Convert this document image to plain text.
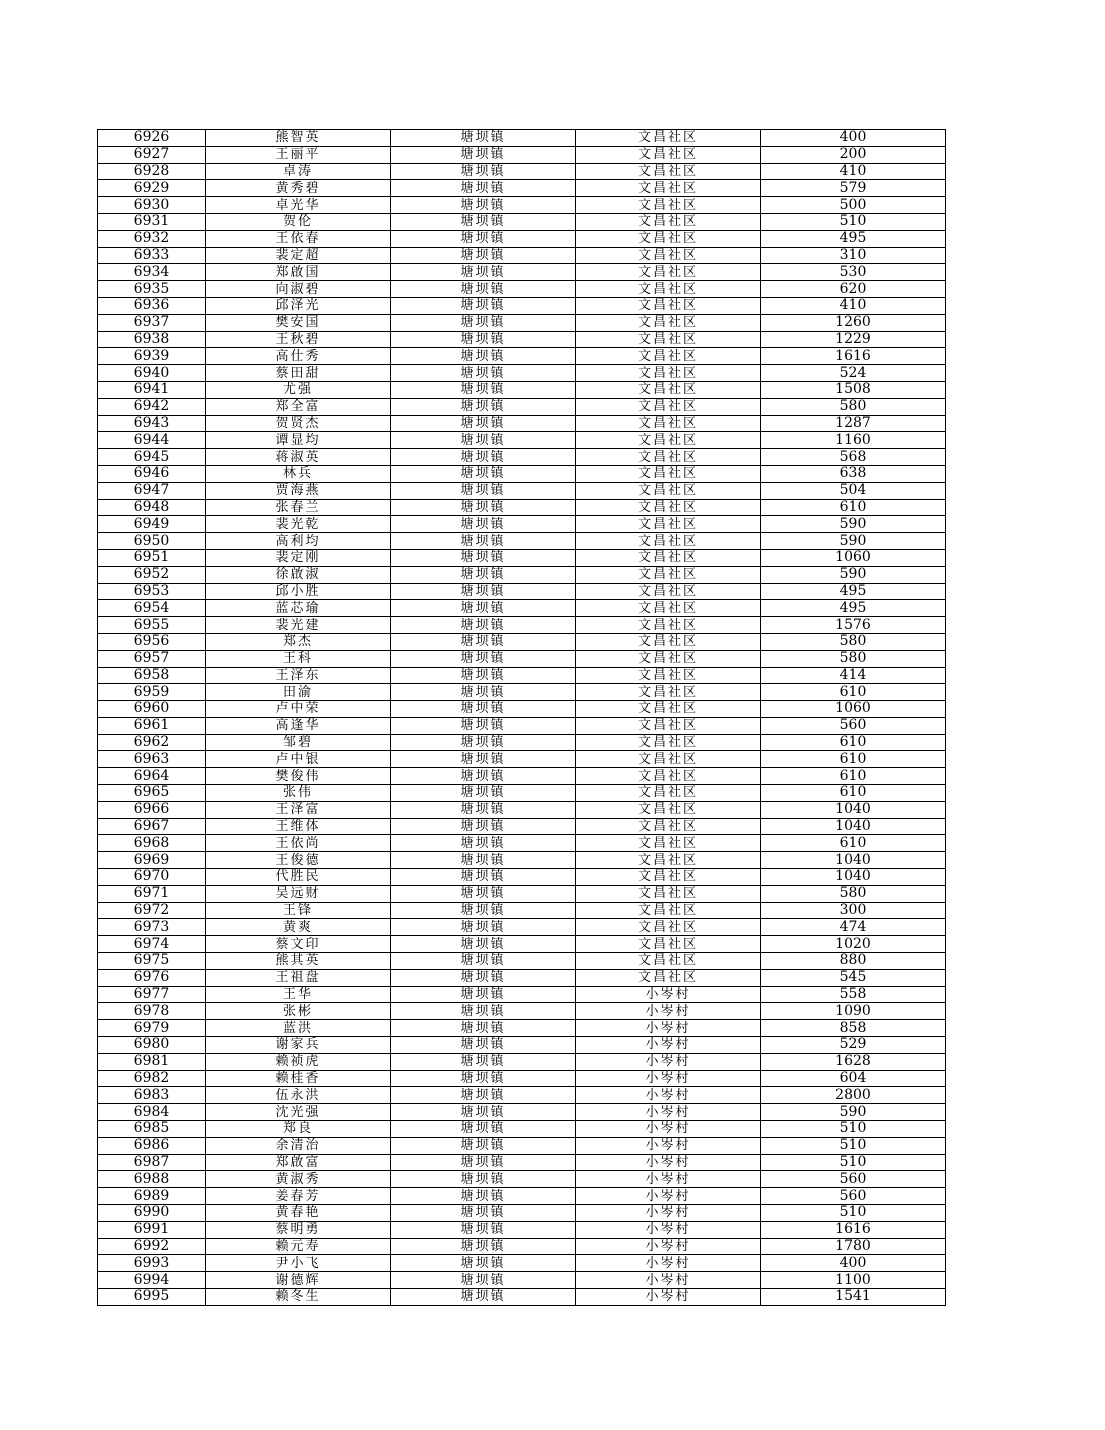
6926	熊智英	塘坝镇	文昌社区	400
6927	王丽平	塘坝镇	文昌社区	200
6928	卓涛	塘坝镇	文昌社区	410
6929	黄秀碧	塘坝镇	文昌社区	579
6930	卓光华	塘坝镇	文昌社区	500
6931	贺伦	塘坝镇	文昌社区	510
6932	王依春	塘坝镇	文昌社区	495
6933	裴定超	塘坝镇	文昌社区	310
6934	郑啟国	塘坝镇	文昌社区	530
6935	向淑碧	塘坝镇	文昌社区	620
6936	邱泽光	塘坝镇	文昌社区	410
6937	樊安国	塘坝镇	文昌社区	1260
6938	王秋碧	塘坝镇	文昌社区	1229
6939	高仕秀	塘坝镇	文昌社区	1616
6940	蔡田甜	塘坝镇	文昌社区	524
6941	尤强	塘坝镇	文昌社区	1508
6942	郑全富	塘坝镇	文昌社区	580
6943	贺贤杰	塘坝镇	文昌社区	1287
6944	谭显均	塘坝镇	文昌社区	1160
6945	蒋淑英	塘坝镇	文昌社区	568
6946	林兵	塘坝镇	文昌社区	638
6947	贾海燕	塘坝镇	文昌社区	504
6948	张春兰	塘坝镇	文昌社区	610
6949	裴光乾	塘坝镇	文昌社区	590
6950	高利均	塘坝镇	文昌社区	590
6951	裴定刚	塘坝镇	文昌社区	1060
6952	徐啟淑	塘坝镇	文昌社区	590
6953	邱小胜	塘坝镇	文昌社区	495
6954	蓝芯瑜	塘坝镇	文昌社区	495
6955	裴光建	塘坝镇	文昌社区	1576
6956	郑杰	塘坝镇	文昌社区	580
6957	王科	塘坝镇	文昌社区	580
6958	王泽东	塘坝镇	文昌社区	414
6959	田渝	塘坝镇	文昌社区	610
6960	卢中荣	塘坝镇	文昌社区	1060
6961	高逢华	塘坝镇	文昌社区	560
6962	邹碧	塘坝镇	文昌社区	610
6963	卢中银	塘坝镇	文昌社区	610
6964	樊俊伟	塘坝镇	文昌社区	610
6965	张伟	塘坝镇	文昌社区	610
6966	王泽富	塘坝镇	文昌社区	1040
6967	王维体	塘坝镇	文昌社区	1040
6968	王依尚	塘坝镇	文昌社区	610
6969	王俊德	塘坝镇	文昌社区	1040
6970	代胜民	塘坝镇	文昌社区	1040
6971	吴远财	塘坝镇	文昌社区	580
6972	王锋	塘坝镇	文昌社区	300
6973	黄爽	塘坝镇	文昌社区	474
6974	蔡文印	塘坝镇	文昌社区	1020
6975	熊其英	塘坝镇	文昌社区	880
6976	王祖盘	塘坝镇	文昌社区	545
6977	王华	塘坝镇	小岑村	558
6978	张彬	塘坝镇	小岑村	1090
6979	蓝洪	塘坝镇	小岑村	858
6980	谢家兵	塘坝镇	小岑村	529
6981	赖祯虎	塘坝镇	小岑村	1628
6982	赖桂香	塘坝镇	小岑村	604
6983	伍永洪	塘坝镇	小岑村	2800
6984	沈光强	塘坝镇	小岑村	590
6985	郑良	塘坝镇	小岑村	510
6986	余清治	塘坝镇	小岑村	510
6987	郑啟富	塘坝镇	小岑村	510
6988	黄淑秀	塘坝镇	小岑村	560
6989	姜春芳	塘坝镇	小岑村	560
6990	黄春艳	塘坝镇	小岑村	510
6991	蔡明勇	塘坝镇	小岑村	1616
6992	赖元寿	塘坝镇	小岑村	1780
6993	尹小飞	塘坝镇	小岑村	400
6994	谢德辉	塘坝镇	小岑村	1100
6995	赖冬生	塘坝镇	小岑村	1541
